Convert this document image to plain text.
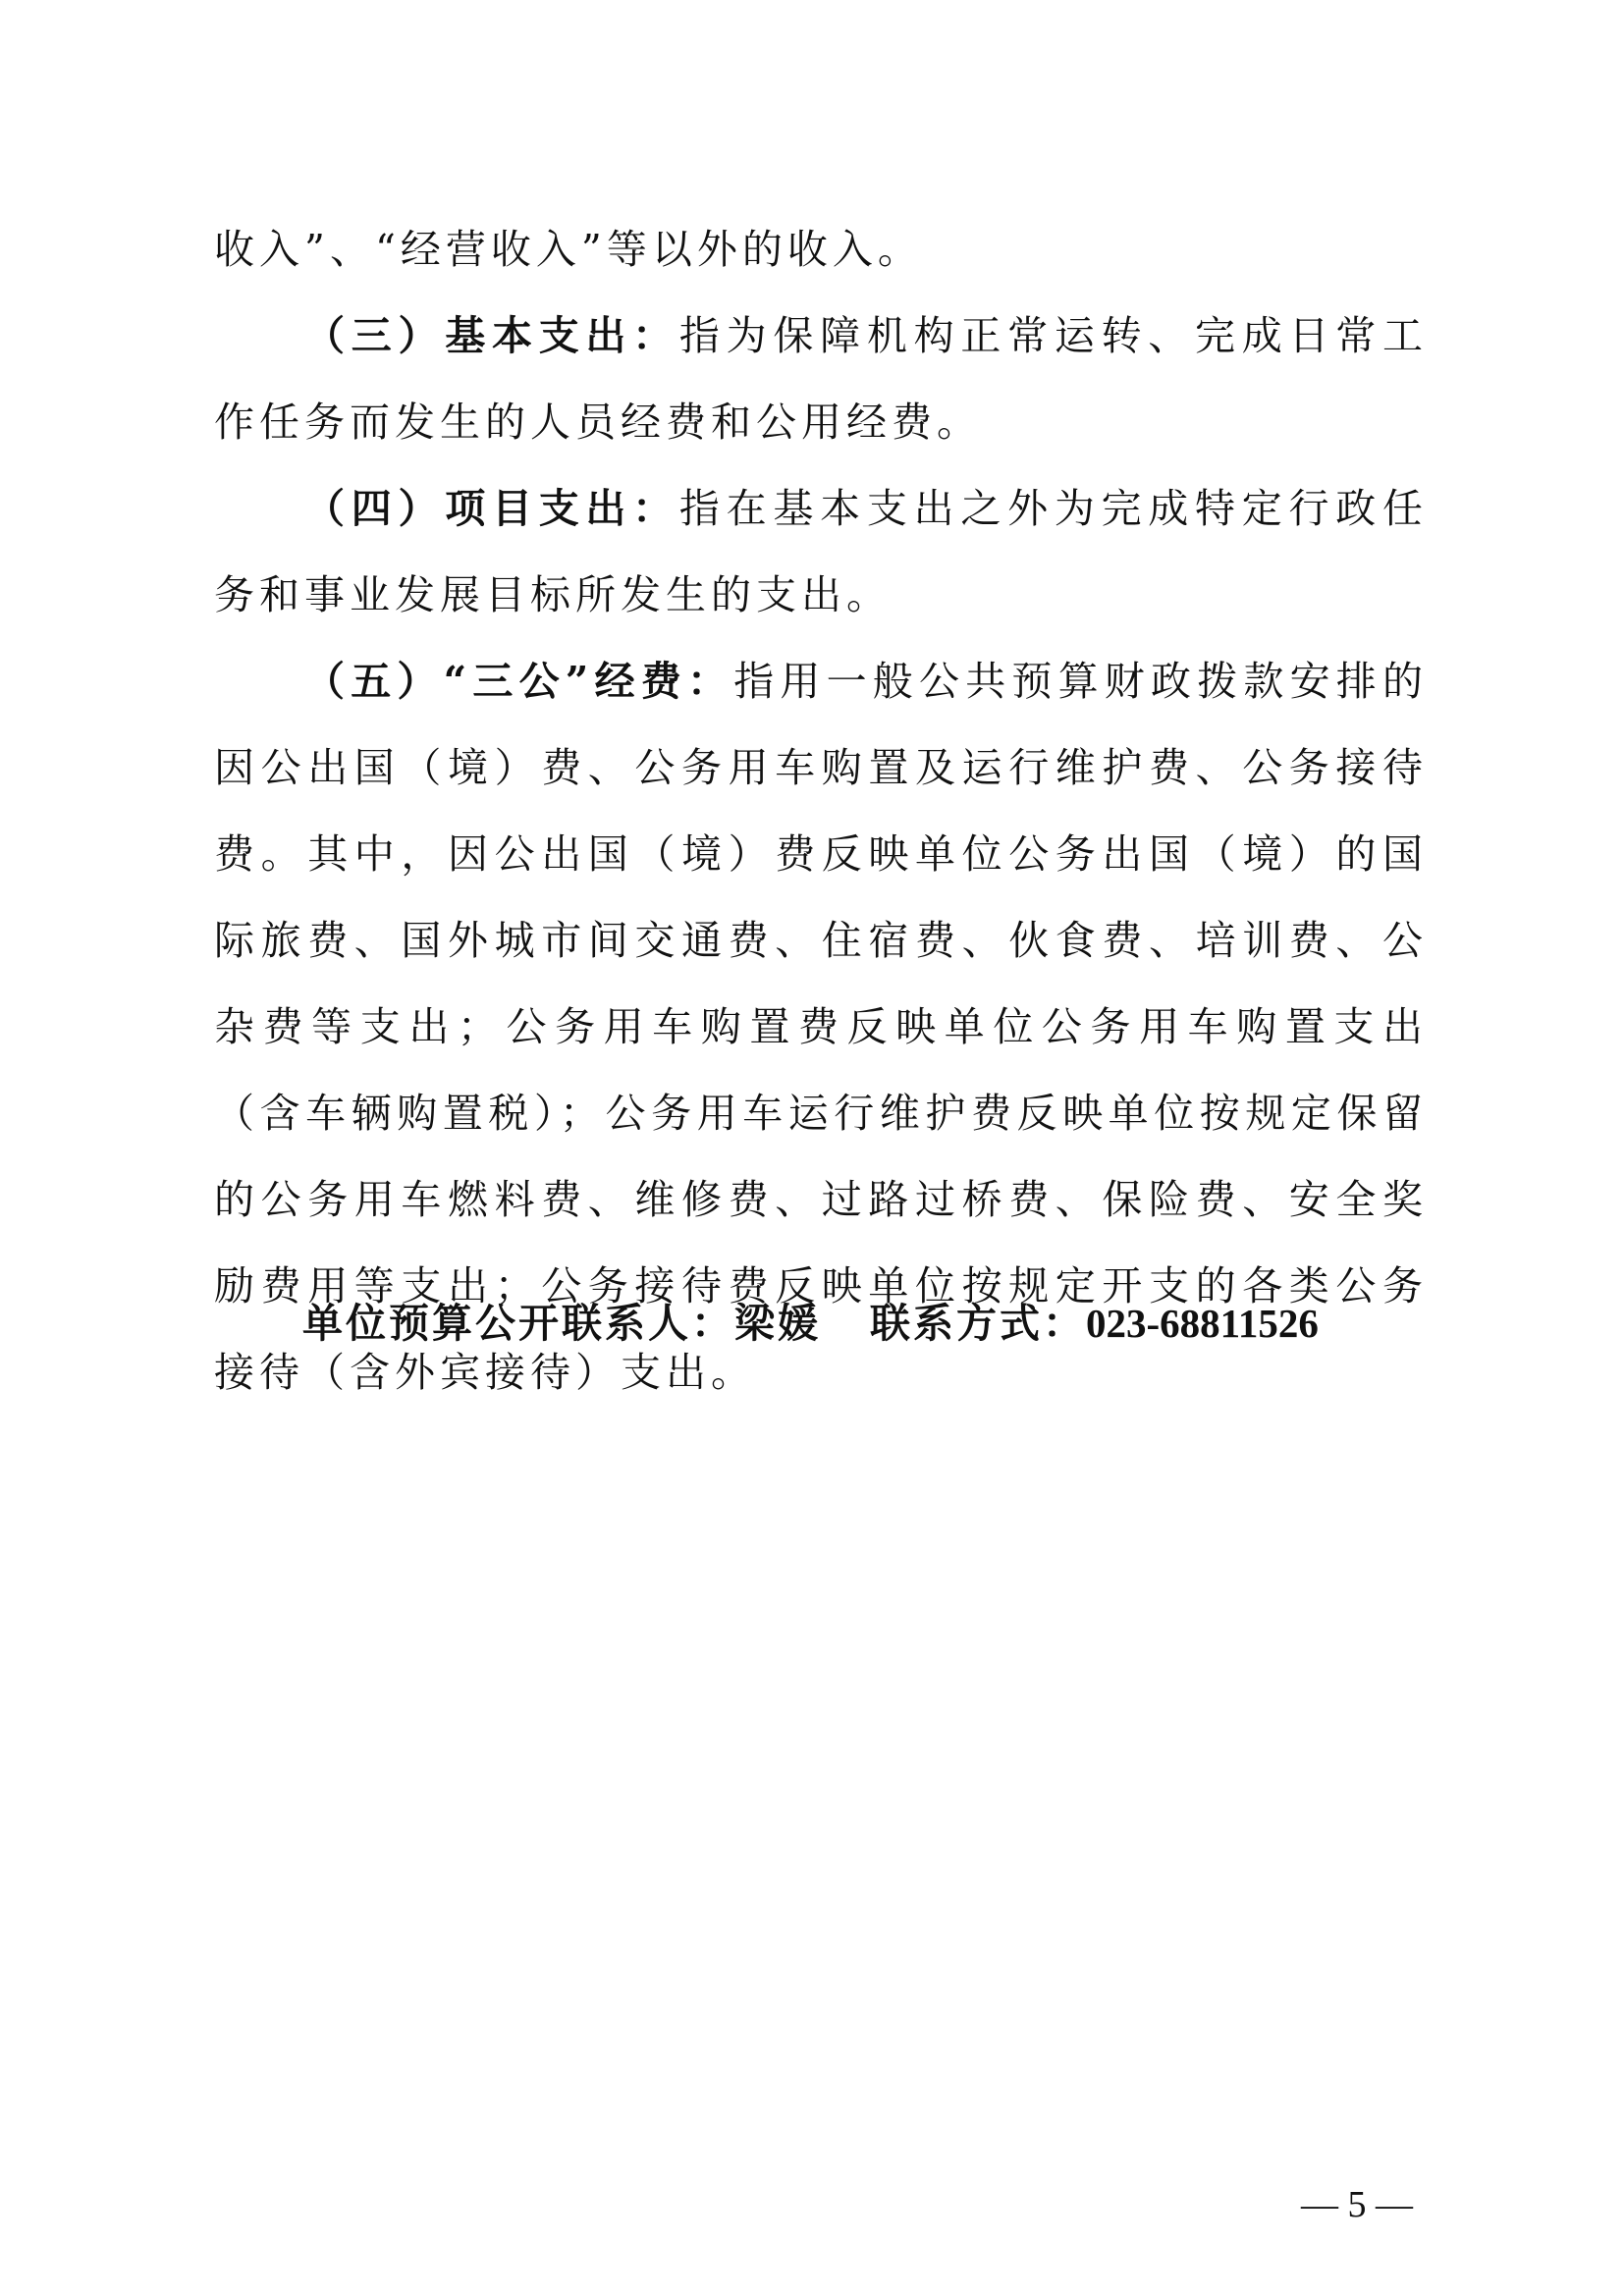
收入”、“经营收入”等以外的收入。

（三）基本支出：指为保障机构正常运转、完成日常工作任务而发生的人员经费和公用经费。

（四）项目支出：指在基本支出之外为完成特定行政任务和事业发展目标所发生的支出。

（五）“三公”经费：指用一般公共预算财政拨款安排的因公出国（境）费、公务用车购置及运行维护费、公务接待费。其中，因公出国（境）费反映单位公务出国（境）的国际旅费、国外城市间交通费、住宿费、伙食费、培训费、公杂费等支出；公务用车购置费反映单位公务用车购置支出（含车辆购置税）；公务用车运行维护费反映单位按规定保留的公务用车燃料费、维修费、过路过桥费、保险费、安全奖励费用等支出；公务接待费反映单位按规定开支的各类公务接待（含外宾接待）支出。

单位预算公开联系人：梁媛 联系方式：023-68811526
— 5 —
